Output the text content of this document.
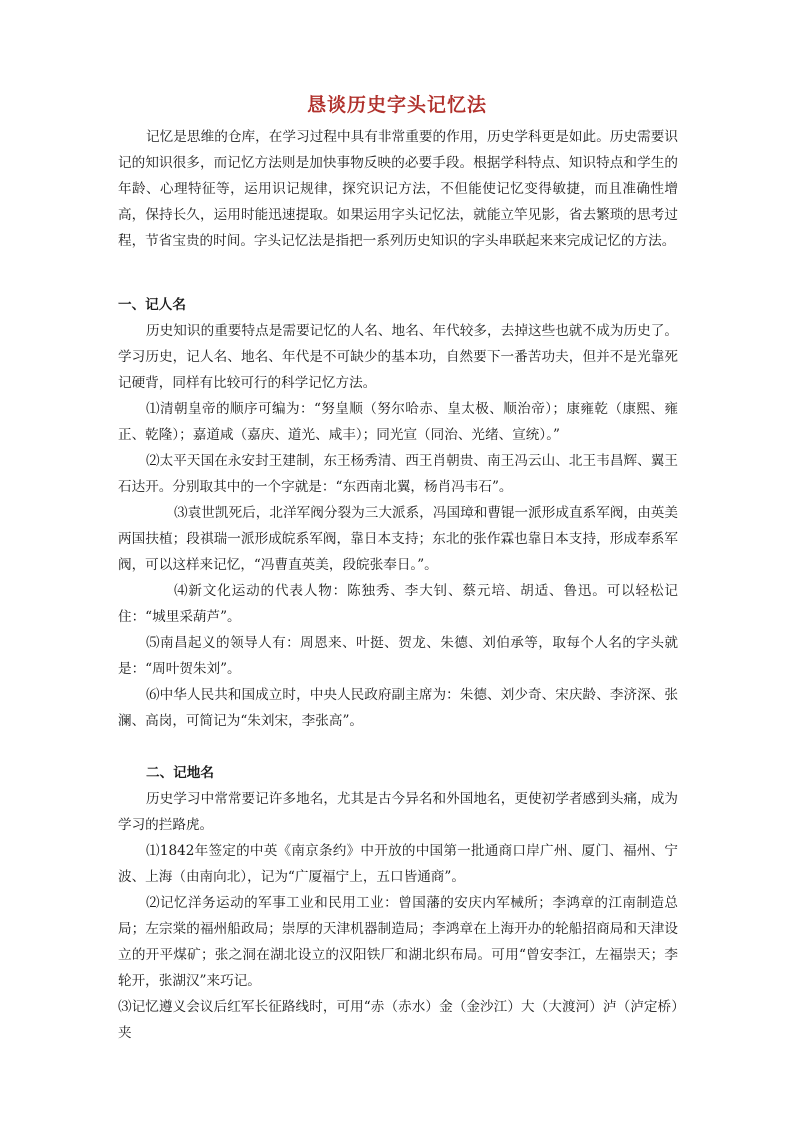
恳谈历史字头记忆法

记忆是思维的仓库，在学习过程中具有非常重要的作用，历史学科更是如此。历史需要识记的知识很多，而记忆方法则是加快事物反映的必要手段。根据学科特点、知识特点和学生的年龄、心理特征等，运用识记规律，探究识记方法，不但能使记忆变得敏捷，而且准确性增高，保持长久，运用时能迅速提取。如果运用字头记忆法，就能立竿见影，省去繁琐的思考过程，节省宝贵的时间。字头记忆法是指把一系列历史知识的字头串联起来来完成记忆的方法。

一、记人名

历史知识的重要特点是需要记忆的人名、地名、年代较多，去掉这些也就不成为历史了。学习历史，记人名、地名、年代是不可缺少的基本功，自然要下一番苦功夫，但并不是光靠死记硬背，同样有比较可行的科学记忆方法。

⑴清朝皇帝的顺序可编为：“努皇顺（努尔哈赤、皇太极、顺治帝）；康雍乾（康熙、雍正、乾隆）；嘉道咸（嘉庆、道光、咸丰）；同光宣（同治、光绪、宣统）。”

⑵太平天国在永安封王建制，东王杨秀清、西王肖朝贵、南王冯云山、北王韦昌辉、翼王石达开。分别取其中的一个字就是：“东西南北翼，杨肖冯韦石”。

⑶袁世凯死后，北洋军阀分裂为三大派系，冯国璋和曹锟一派形成直系军阀，由英美两国扶植；段祺瑞一派形成皖系军阀，靠日本支持；东北的张作霖也靠日本支持，形成奉系军阀，可以这样来记忆，“冯曹直英美，段皖张奉日。”。

⑷新文化运动的代表人物：陈独秀、李大钊、蔡元培、胡适、鲁迅。可以轻松记住：“城里采葫芦”。

⑸南昌起义的领导人有：周恩来、叶挺、贺龙、朱德、刘伯承等，取每个人名的字头就是：“周叶贺朱刘”。

⑹中华人民共和国成立时，中央人民政府副主席为：朱德、刘少奇、宋庆龄、李济深、张澜、高岗，可简记为“朱刘宋，李张高”。

二、记地名

历史学习中常常要记许多地名，尤其是古今异名和外国地名，更使初学者感到头痛，成为学习的拦路虎。

⑴1842年签定的中英《南京条约》中开放的中国第一批通商口岸广州、厦门、福州、宁波、上海（由南向北），记为“广厦福宁上，五口皆通商”。

⑵记忆洋务运动的军事工业和民用工业：曾国藩的安庆内军械所；李鸿章的江南制造总局；左宗棠的福州船政局；崇厚的天津机器制造局；李鸿章在上海开办的轮船招商局和天津设立的开平煤矿；张之洞在湖北设立的汉阳铁厂和湖北织布局。可用“曾安李江，左福崇天；李轮开，张湖汉”来巧记。

⑶记忆遵义会议后红军长征路线时，可用“赤（赤水）金（金沙江）大（大渡河）泸（泸定桥）夹
